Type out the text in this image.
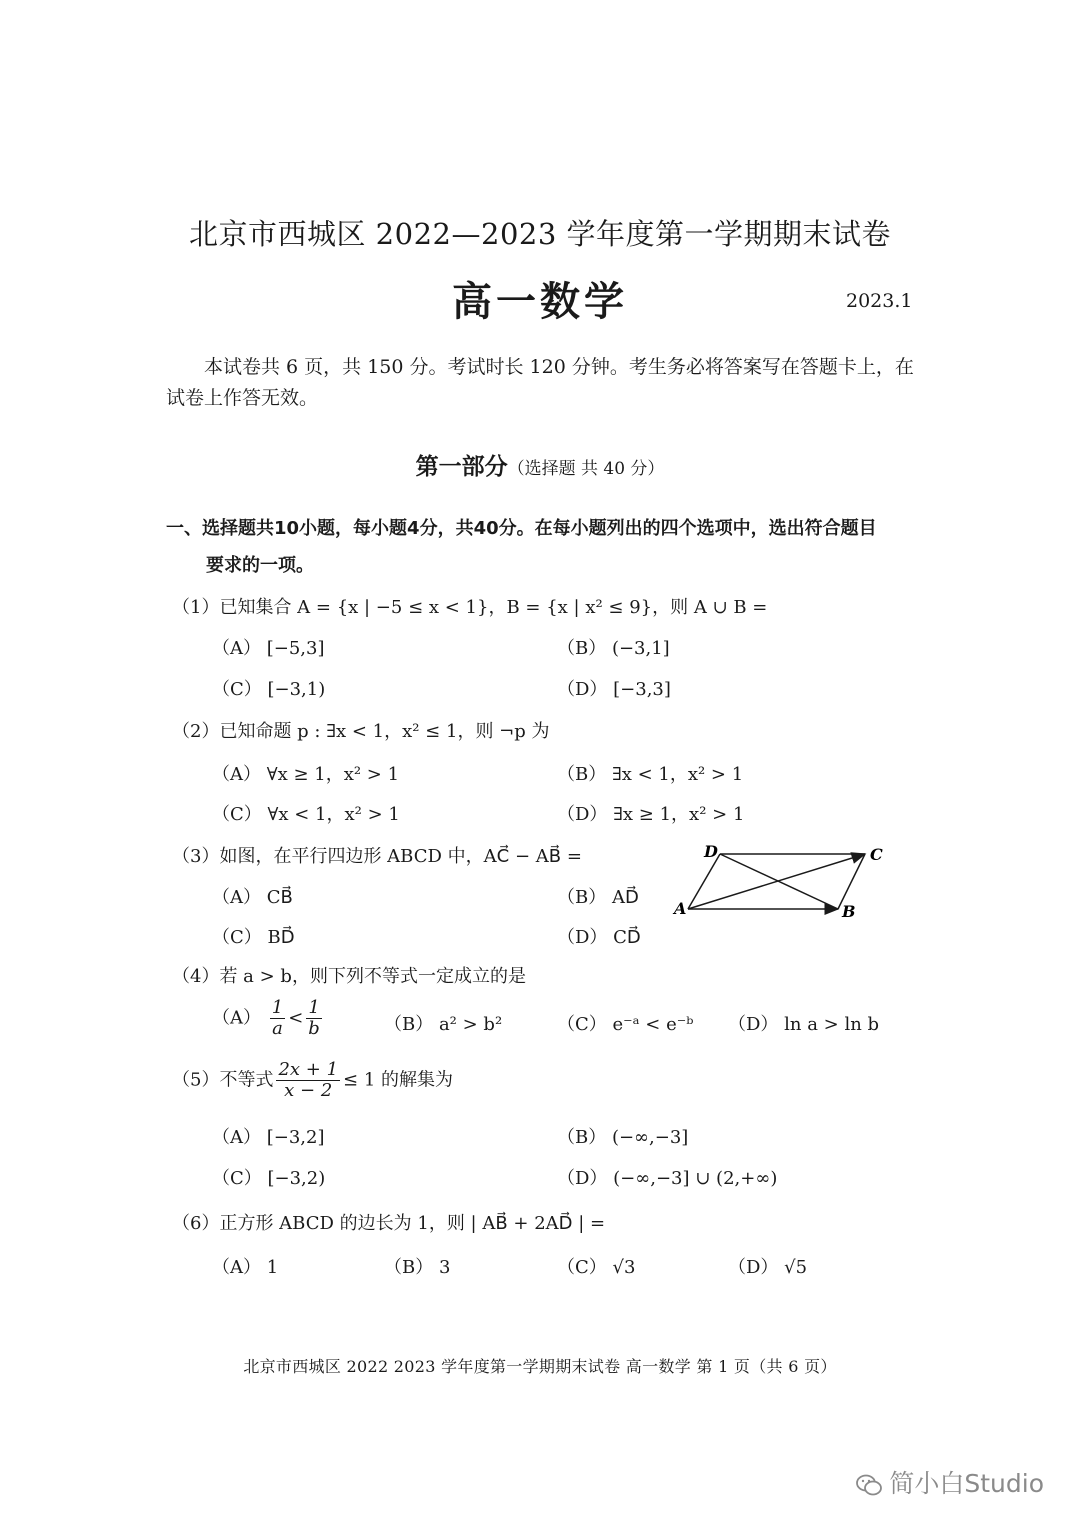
北京市西城区 2022—2023 学年度第一学期期末试卷
高一数学	2023.1
本试卷共 6 页，共 150 分。考试时长 120 分钟。考生务必将答案写在答题卡上，在试卷上作答无效。
第一部分（选择题 共 40 分）
一、选择题共10小题，每小题4分，共40分。在每小题列出的四个选项中，选出符合题目
要求的一项。
（1）已知集合 A = {x | −5 ≤ x < 1}，B = {x | x² ≤ 9}，则 A ∪ B =
（A） [−5,3]	（B） (−3,1]
（C） [−3,1)	（D） [−3,3]
（2）已知命题 p : ∃x < 1，x² ≤ 1，则 ¬p 为
（A） ∀x ≥ 1，x² > 1	（B） ∃x < 1，x² > 1
（C） ∀x < 1，x² > 1	（D） ∃x ≥ 1，x² > 1
（3）如图，在平行四边形 ABCD 中，AC⃗ − AB⃗ =
（A） CB⃗	（B） AD⃗
（C） BD⃗	（D） CD⃗
D	C
A	B
（4）若 a > b，则下列不等式一定成立的是
$(A) \frac{1}{a} < \frac{1}{b}$	（B） a² > b²	（C） e⁻ᵃ < e⁻ᵇ （D） ln a > ln b
（5）不等式 $\frac{2x + 1}{x - 2} \le 1$ 的解集为
（A） [−3,2]	（B） (−∞,−3]
（C） [−3,2)	（D） (−∞,−3] ∪ (2,+∞)
（6）正方形 ABCD 的边长为 1，则 | AB⃗ + 2AD⃗ | =
（A） 1	（B） 3	（C） √3	（D） √5
北京市西城区 2022 2023 学年度第一学期期末试卷 高一数学 第 1 页（共 6 页）
简小白Studio
